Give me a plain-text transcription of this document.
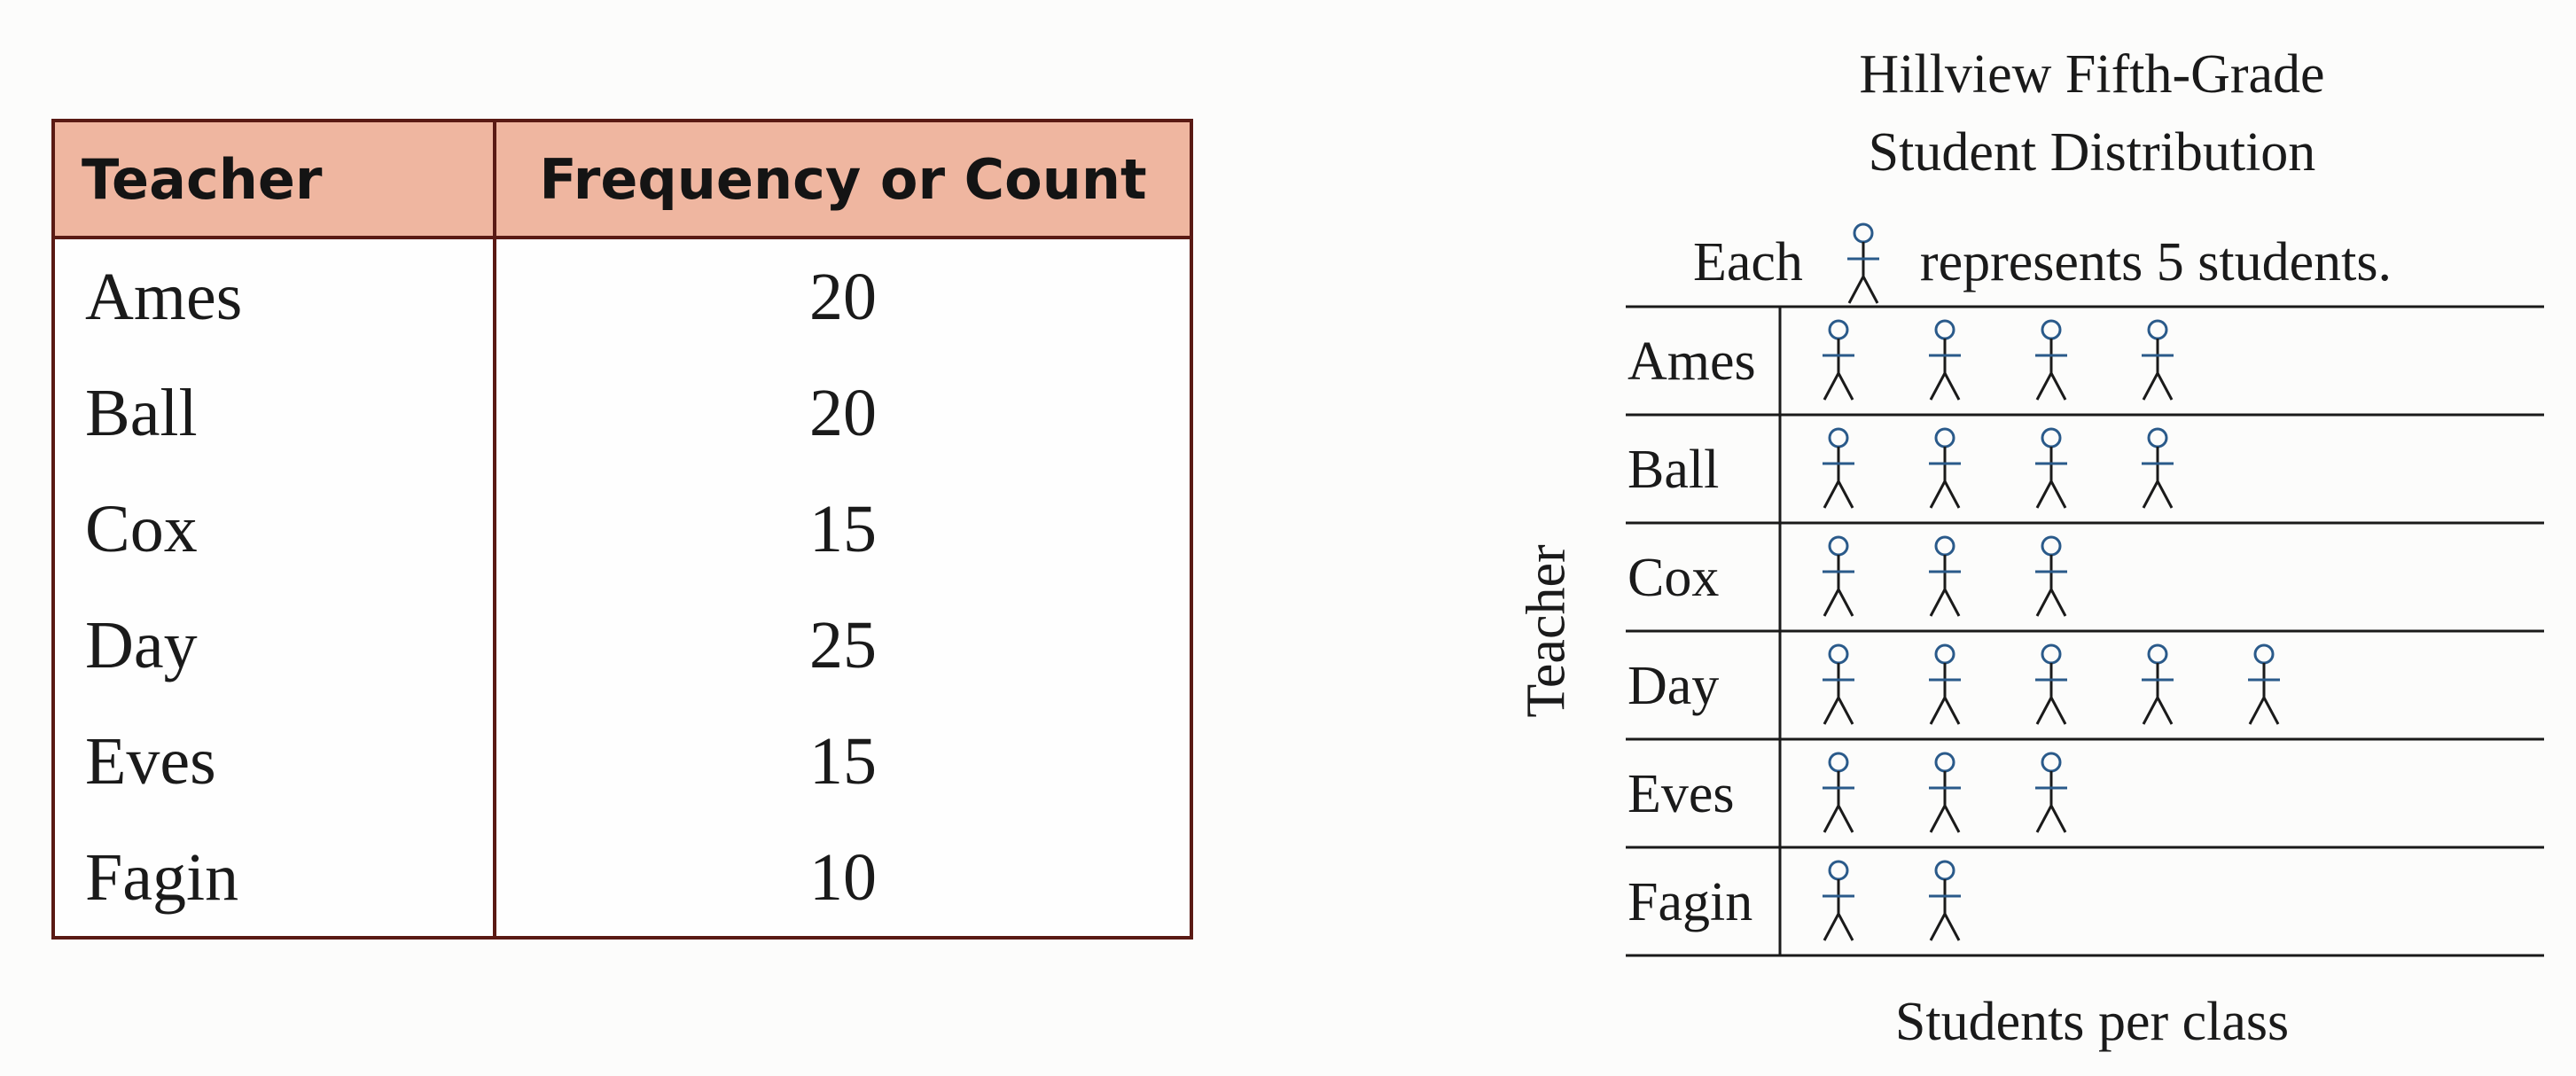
Teacher	Frequency or Count
Ames	20
Ball	20
Cox	15
Day	25
Eves	15
Fagin	10
Hillview Fifth-Grade
Student Distribution
Each represents 5 students.
Teacher
Students per class
Ames
Ball
Cox
Day
Eves
Fagin
